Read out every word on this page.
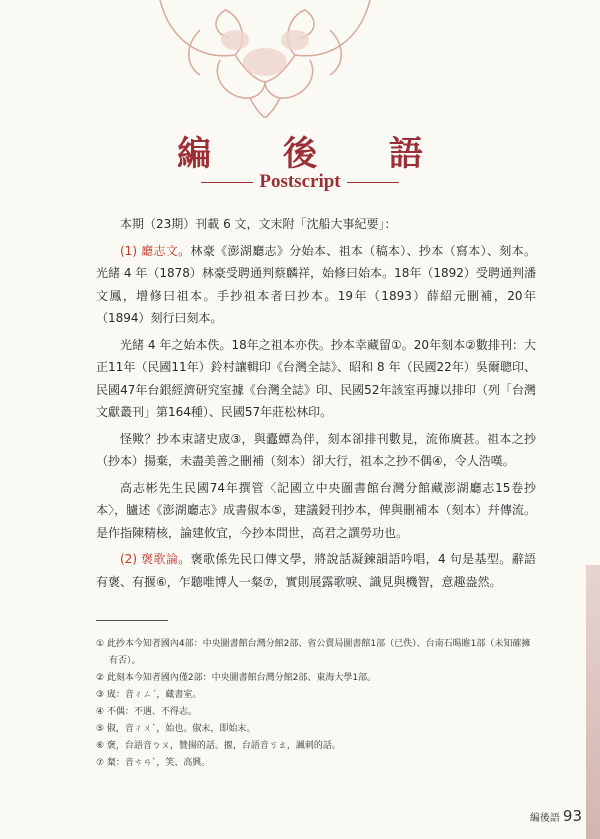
編 後 語
Postscript

本期（23期）刊載 6 文，文末附「沈船大事紀要」：

(1) 廳志文。林豪《澎湖廳志》分始本、祖本（稿本）、抄本（寫本）、刻本。光緒 4 年（1878）林豪受聘通判蔡麟祥，始修曰始本。18年（1892）受聘通判潘文鳳，增修曰祖本。手抄祖本者曰抄本。19年（1893）薛紹元刪補，20年（1894）刻行曰刻本。

光緒 4 年之始本佚。18年之祖本亦佚。抄本幸藏留①。20年刻本②數排刊：大正11年（民國11年）鈴村讓輯印《台灣全誌》、昭和 8 年（民國22年）吳爾聰印、民國47年台銀經濟研究室據《台灣全誌》印、民國52年該室再據以排印（列「台灣文獻叢刊」第164種）、民國57年莊松林印。

怪歟？抄本束諸史宬③，與蠹蟫為伴，刻本卻排刊數見，流佈廣甚。祖本之抄（抄本）揚棄，未盡美善之刪補（刻本）卻大行，祖本之抄不偶④，令人浩嘆。

高志彬先生民國74年撰管〈記國立中央圖書館台灣分館藏澎湖廳志15卷抄本〉，臚述《澎湖廳志》成書俶本⑤，建議鋟刊抄本，俾與刪補本（刻本）幷傳流。是作指陳精核，論建攸宜，今抄本問世，高君之譔勞功也。

(2) 褒歌論。褒歌係先民口傳文學，將說話凝鍊韻語吟唱，4 句是基型。辭語有褒、有揠⑥，乍聽唯博人一粲⑦，實則展露歌唳、識見與機智，意趣盎然。

① 此抄本今知者國內4部：中央圖書館台灣分館2部、省公賣局圖書館1部（已佚）、台南石暘睢1部（未知確擁有否）。
② 此刻本今知者國內僅2部：中央圖書館台灣分館2部、東海大學1部。
③ 宬：音ㄔㄥˊ，藏書室。
④ 不偶：不遇、不得志。
⑤ 俶，音ㄔㄨˋ，始也。俶末，即始末。
⑥ 褒，台語音ㄅㄡ，贊揚的話。揠，台語音ㄎㄠ，諷刺的話。
⑦ 粲：音ㄘㄢˋ，笑、高興。
編後語 93
